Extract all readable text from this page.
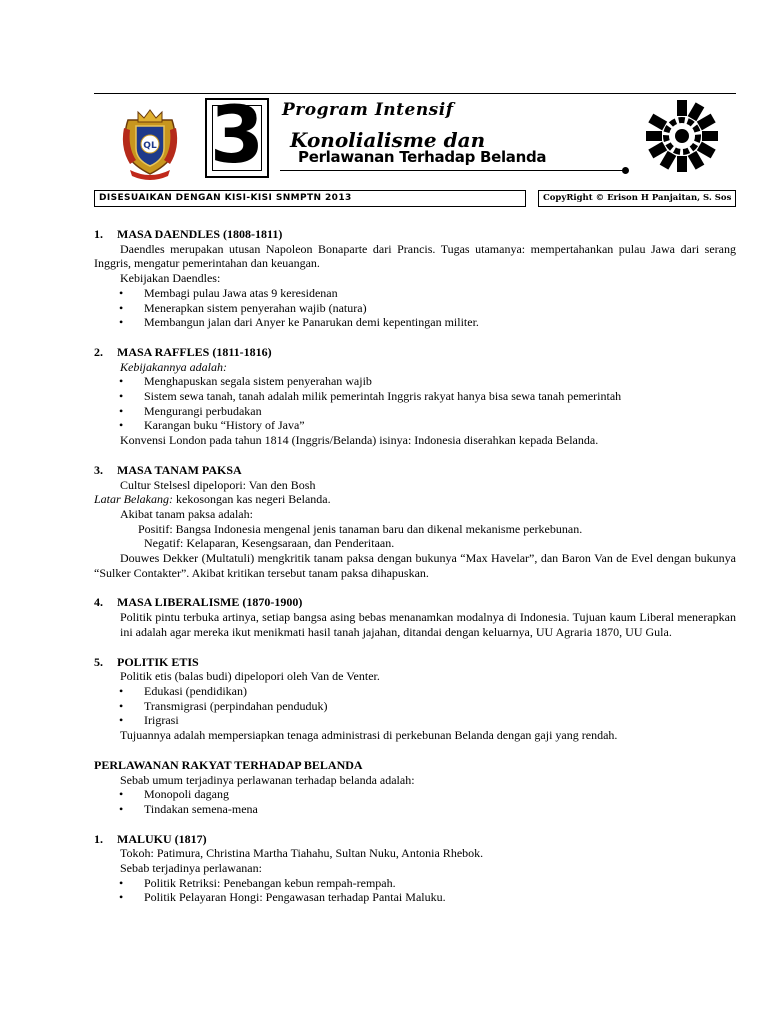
QL 3 Program Intensif
Konolialisme dan
Perlawanan Terhadap Belanda
DISESUAIKAN DENGAN KISI-KISI SNMPTN 2013	CopyRight © Erison H Panjaitan, S. Sos
1. MASA DAENDLES (1808-1811)
Daendles merupakan utusan Napoleon Bonaparte dari Prancis. Tugas utamanya: mempertahankan pulau Jawa dari serang Inggris, mengatur pemerintahan dan keuangan.
Kebijakan Daendles:
• Membagi pulau Jawa atas 9 keresidenan
• Menerapkan sistem penyerahan wajib (natura)
• Membangun jalan dari Anyer ke Panarukan demi kepentingan militer.
2. MASA RAFFLES (1811-1816)
Kebijakannya adalah:
• Menghapuskan segala sistem penyerahan wajib
• Sistem sewa tanah, tanah adalah milik pemerintah Inggris rakyat hanya bisa sewa tanah pemerintah
• Mengurangi perbudakan
• Karangan buku “History of Java”
Konvensi London pada tahun 1814 (Inggris/Belanda) isinya: Indonesia diserahkan kepada Belanda.
3. MASA TANAM PAKSA
Cultur Stelsesl dipelopori: Van den Bosh
Latar Belakang: kekosongan kas negeri Belanda.
Akibat tanam paksa adalah:
Positif: Bangsa Indonesia mengenal jenis tanaman baru dan dikenal mekanisme perkebunan.
Negatif: Kelaparan, Kesengsaraan, dan Penderitaan.
Douwes Dekker (Multatuli) mengkritik tanam paksa dengan bukunya “Max Havelar”, dan Baron Van de Evel dengan bukunya “Sulker Contakter”. Akibat kritikan tersebut tanam paksa dihapuskan.
4. MASA LIBERALISME (1870-1900)
Politik pintu terbuka artinya, setiap bangsa asing bebas menanamkan modalnya di Indonesia. Tujuan kaum Liberal menerapkan ini adalah agar mereka ikut menikmati hasil tanah jajahan, ditandai dengan keluarnya, UU Agraria 1870, UU Gula.
5. POLITIK ETIS
Politik etis (balas budi) dipelopori oleh Van de Venter.
• Edukasi (pendidikan)
• Transmigrasi (perpindahan penduduk)
• Irigrasi
Tujuannya adalah mempersiapkan tenaga administrasi di perkebunan Belanda dengan gaji yang rendah.
PERLAWANAN RAKYAT TERHADAP BELANDA
Sebab umum terjadinya perlawanan terhadap belanda adalah:
• Monopoli dagang
• Tindakan semena-mena
1. MALUKU (1817)
Tokoh: Patimura, Christina Martha Tiahahu, Sultan Nuku, Antonia Rhebok.
Sebab terjadinya perlawanan:
• Politik Retriksi: Penebangan kebun rempah-rempah.
• Politik Pelayaran Hongi: Pengawasan terhadap Pantai Maluku.
